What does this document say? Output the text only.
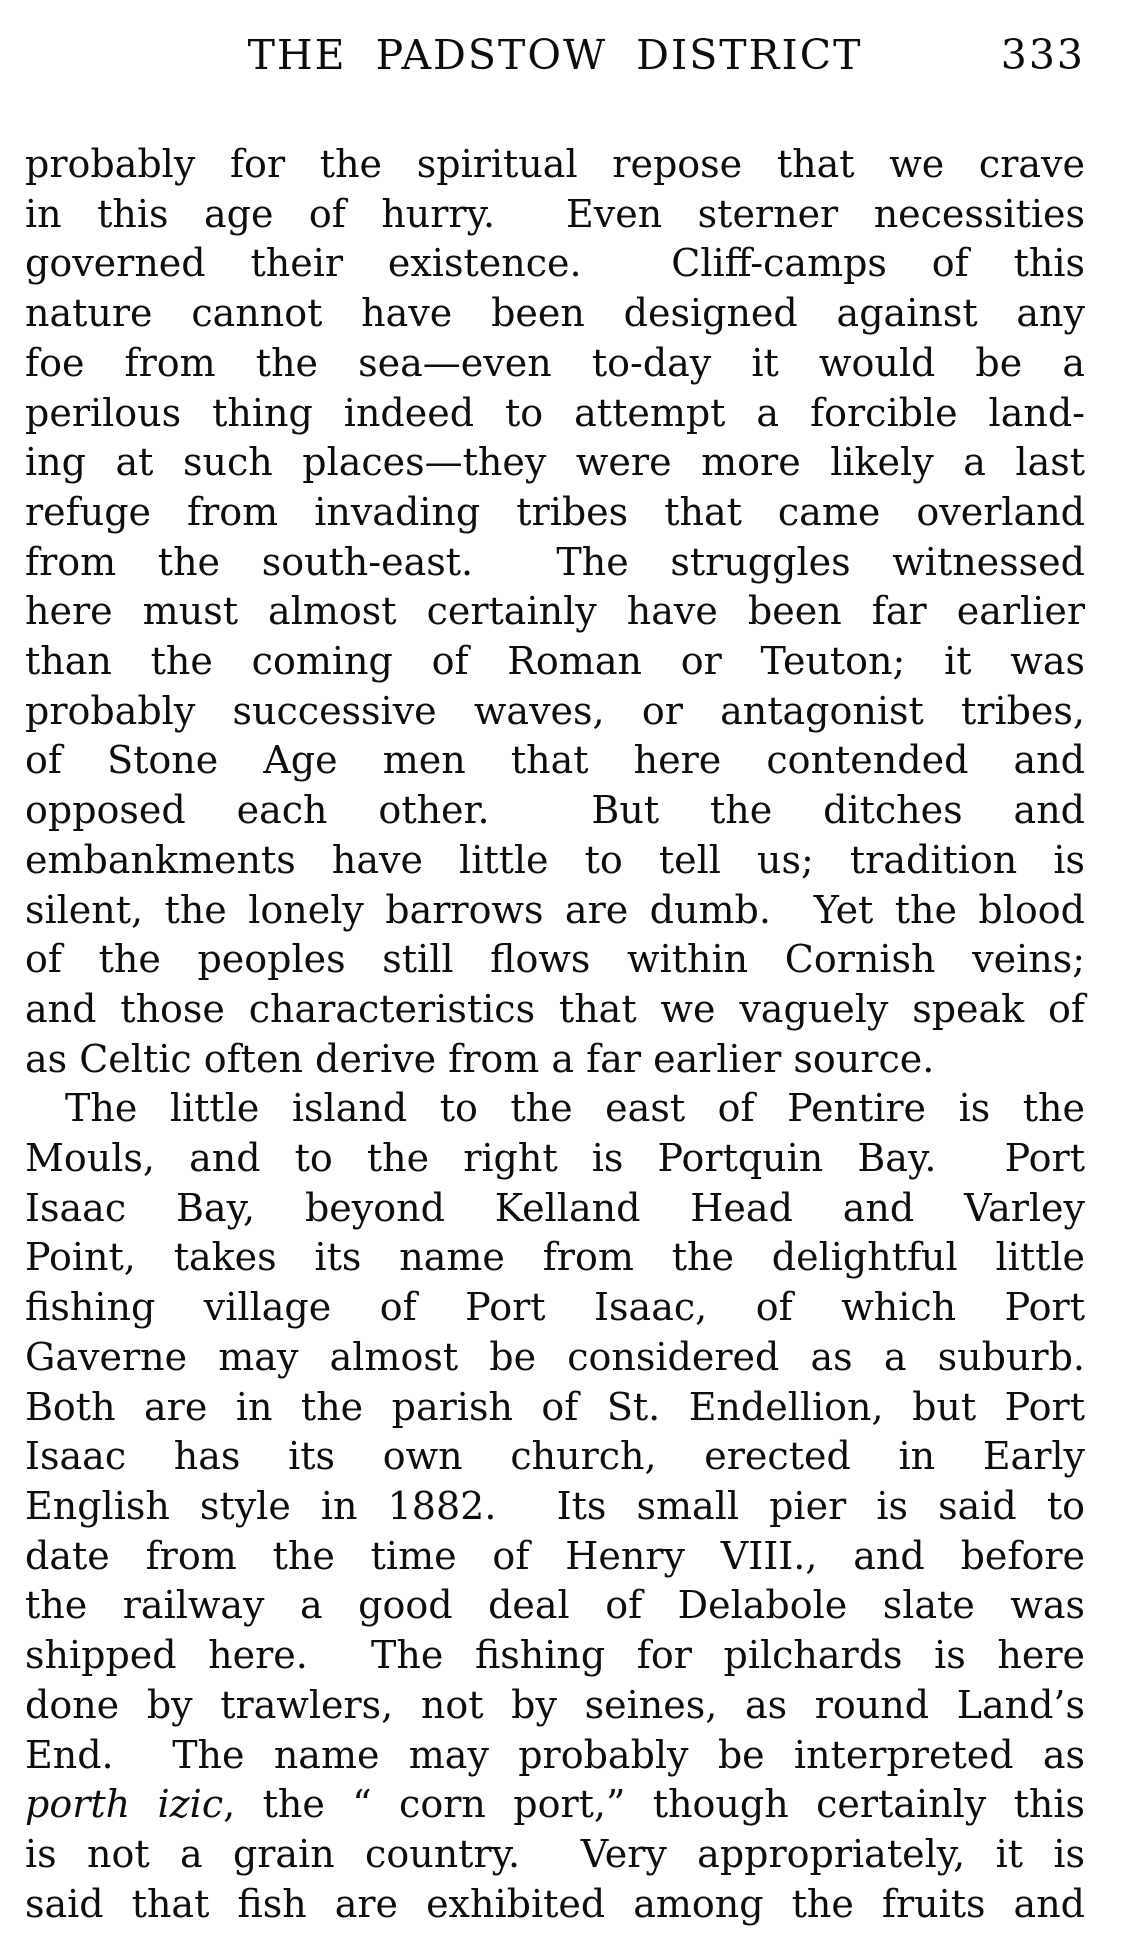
THE PADSTOW DISTRICT	333
probably for the spiritual repose that we crave
in this age of hurry.  Even sterner necessities
governed their existence.  Cliff-camps of this
nature cannot have been designed against any
foe from the sea—even to-day it would be a
perilous thing indeed to attempt a forcible land-
ing at such places—they were more likely a last
refuge from invading tribes that came overland
from the south-east.  The struggles witnessed
here must almost certainly have been far earlier
than the coming of Roman or Teuton; it was
probably successive waves, or antagonist tribes,
of Stone Age men that here contended and
opposed each other.  But the ditches and
embankments have little to tell us; tradition is
silent, the lonely barrows are dumb.  Yet the blood
of the peoples still flows within Cornish veins;
and those characteristics that we vaguely speak of
as Celtic often derive from a far earlier source.
The little island to the east of Pentire is the
Mouls, and to the right is Portquin Bay.  Port
Isaac Bay, beyond Kelland Head and Varley
Point, takes its name from the delightful little
fishing village of Port Isaac, of which Port
Gaverne may almost be considered as a suburb.
Both are in the parish of St. Endellion, but Port
Isaac has its own church, erected in Early
English style in 1882.  Its small pier is said to
date from the time of Henry VIII., and before
the railway a good deal of Delabole slate was
shipped here.  The fishing for pilchards is here
done by trawlers, not by seines, as round Land’s
End.  The name may probably be interpreted as
porth izic, the “ corn port,” though certainly this
is not a grain country.  Very appropriately, it is
said that fish are exhibited among the fruits and
